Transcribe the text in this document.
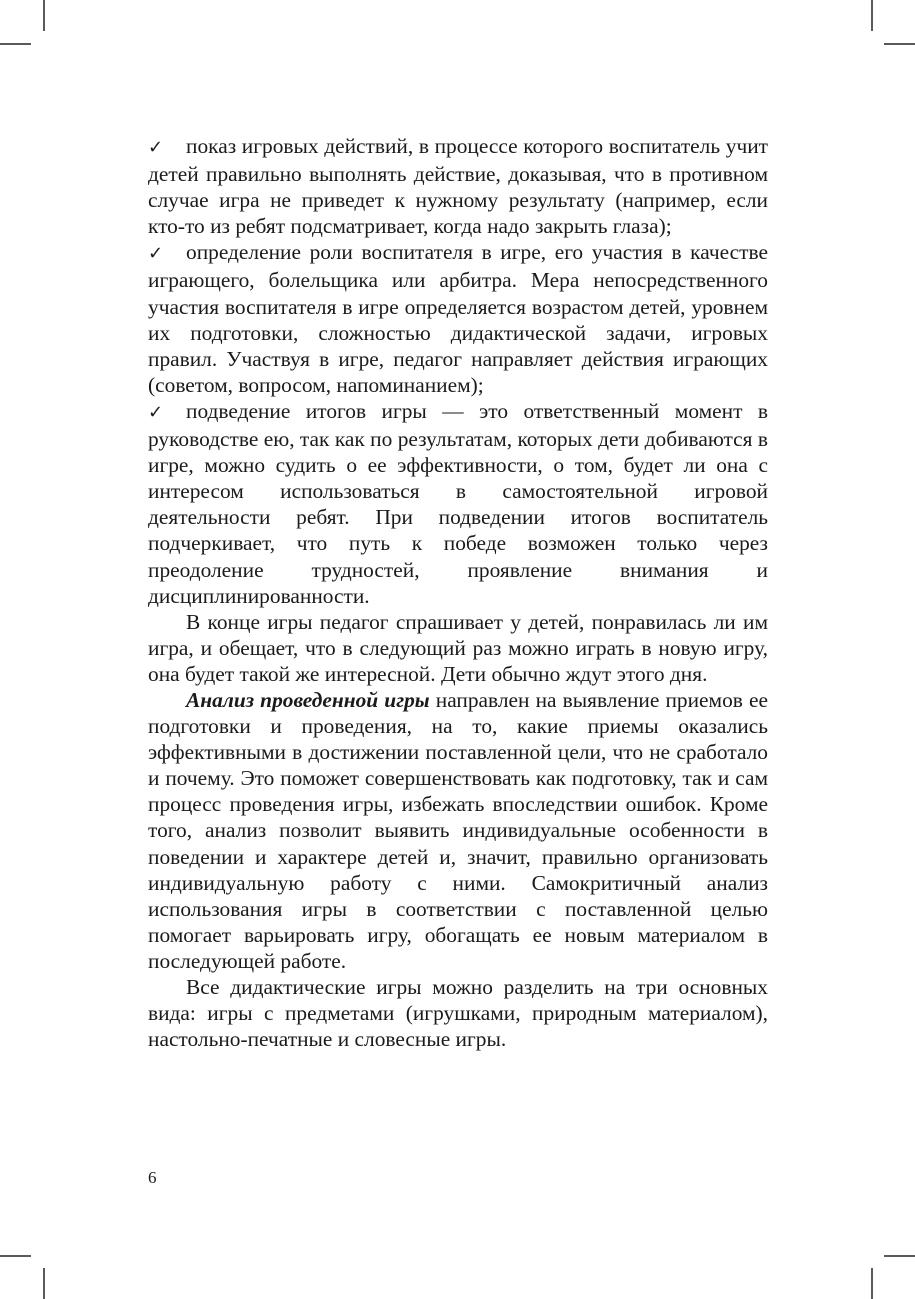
✓ показ игровых действий, в процессе которого воспитатель учит детей правильно выполнять действие, доказывая, что в противном случае игра не приведет к нужному результату (например, если кто-то из ребят подсматривает, когда надо закрыть глаза);

✓ определение роли воспитателя в игре, его участия в качестве играющего, болельщика или арбитра. Мера непосредственного участия воспитателя в игре определяется возрастом детей, уровнем их подготовки, сложностью дидактической задачи, игровых правил. Участвуя в игре, педагог направляет действия играющих (советом, вопросом, напоминанием);

✓ подведение итогов игры — это ответственный момент в руководстве ею, так как по результатам, которых дети добиваются в игре, можно судить о ее эффективности, о том, будет ли она с интересом использоваться в самостоятельной игровой деятельности ребят. При подведении итогов воспитатель подчеркивает, что путь к победе возможен только через преодоление трудностей, проявление внимания и дисциплинированности.

В конце игры педагог спрашивает у детей, понравилась ли им игра, и обещает, что в следующий раз можно играть в новую игру, она будет такой же интересной. Дети обычно ждут этого дня.

Анализ проведенной игры направлен на выявление приемов ее подготовки и проведения, на то, какие приемы оказались эффективными в достижении поставленной цели, что не сработало и почему. Это поможет совершенствовать как подготовку, так и сам процесс проведения игры, избежать впоследствии ошибок. Кроме того, анализ позволит выявить индивидуальные особенности в поведении и характере детей и, значит, правильно организовать индивидуальную работу с ними. Самокритичный анализ использования игры в соответствии с поставленной целью помогает варьировать игру, обогащать ее новым материалом в последующей работе.

Все дидактические игры можно разделить на три основных вида: игры с предметами (игрушками, природным материалом), настольно-печатные и словесные игры.

6
